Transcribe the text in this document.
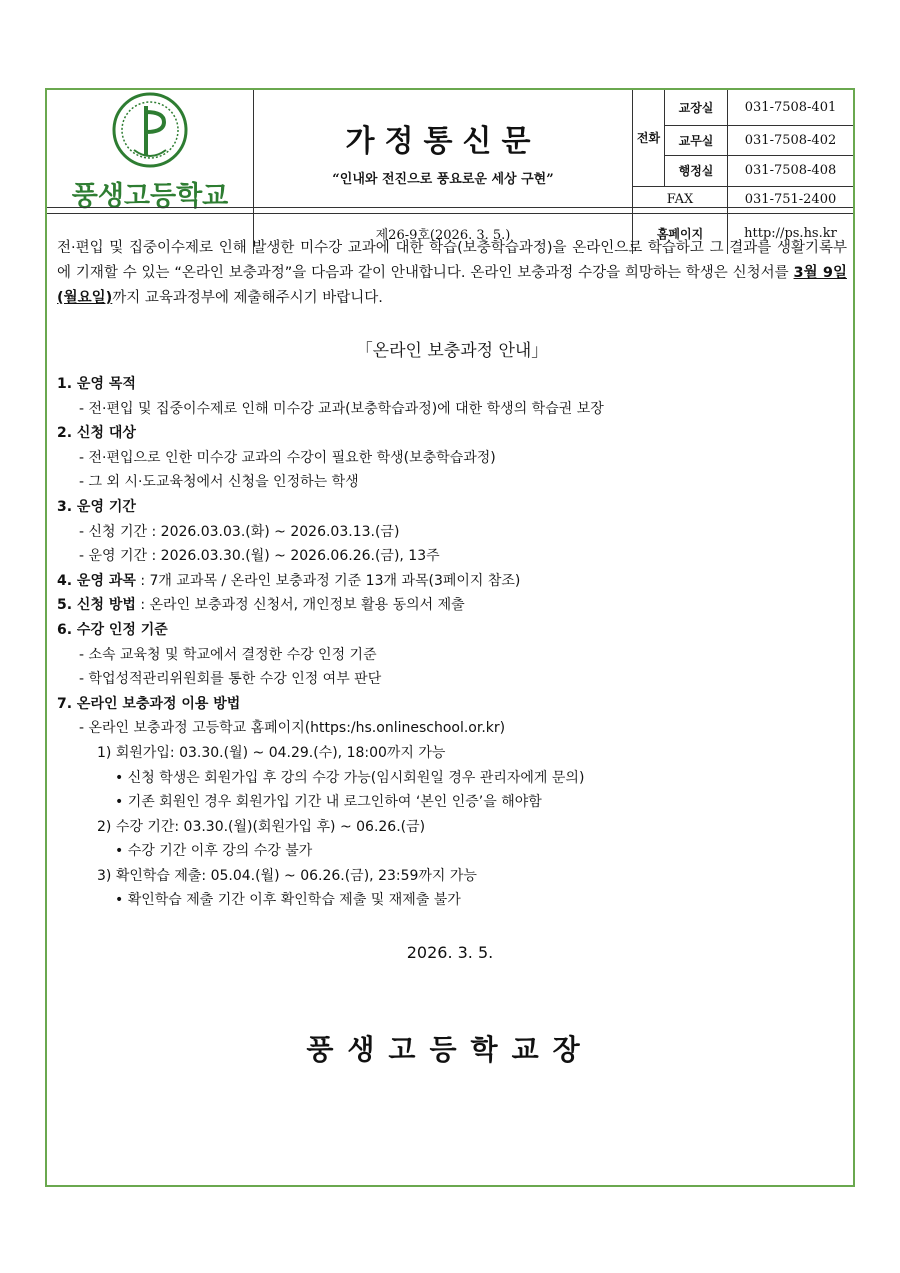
풍생고등학교	가정통신문
“인내와 전진으로 풍요로운 세상 구현”	전화	교장실	031-7508-401
			교무실	031-7508-402
			행정실	031-7508-408
		FAX		031-751-2400
	제26-9호(2026. 3. 5.)	홈페이지		http://ps.hs.kr
전·편입 및 집중이수제로 인해 발생한 미수강 교과에 대한 학습(보충학습과정)을 온라인으로 학습하고 그 결과를 생활기록부에 기재할 수 있는 “온라인 보충과정”을 다음과 같이 안내합니다. 온라인 보충과정 수강을 희망하는 학생은 신청서를 3월 9일(월요일)까지 교육과정부에 제출해주시기 바랍니다.
「온라인 보충과정 안내」
1. 운영 목적
- 전·편입 및 집중이수제로 인해 미수강 교과(보충학습과정)에 대한 학생의 학습권 보장
2. 신청 대상
- 전·편입으로 인한 미수강 교과의 수강이 필요한 학생(보충학습과정)
- 그 외 시·도교육청에서 신청을 인정하는 학생
3. 운영 기간
- 신청 기간 : 2026.03.03.(화) ~ 2026.03.13.(금)
- 운영 기간 : 2026.03.30.(월) ~ 2026.06.26.(금), 13주
4. 운영 과목 : 7개 교과목 / 온라인 보충과정 기준 13개 과목(3페이지 참조)
5. 신청 방법 : 온라인 보충과정 신청서, 개인정보 활용 동의서 제출
6. 수강 인정 기준
- 소속 교육청 및 학교에서 결정한 수강 인정 기준
- 학업성적관리위원회를 통한 수강 인정 여부 판단
7. 온라인 보충과정 이용 방법
- 온라인 보충과정 고등학교 홈페이지(https:/hs.onlineschool.or.kr)
1) 회원가입: 03.30.(월) ~ 04.29.(수), 18:00까지 가능
• 신청 학생은 회원가입 후 강의 수강 가능(임시회원일 경우 관리자에게 문의)
• 기존 회원인 경우 회원가입 기간 내 로그인하여 ‘본인 인증’을 해야함
2) 수강 기간: 03.30.(월)(회원가입 후) ~ 06.26.(금)
• 수강 기간 이후 강의 수강 불가
3) 확인학습 제출: 05.04.(월) ~ 06.26.(금), 23:59까지 가능
• 확인학습 제출 기간 이후 확인학습 제출 및 재제출 불가
2026. 3. 5.
풍생고등학교장
